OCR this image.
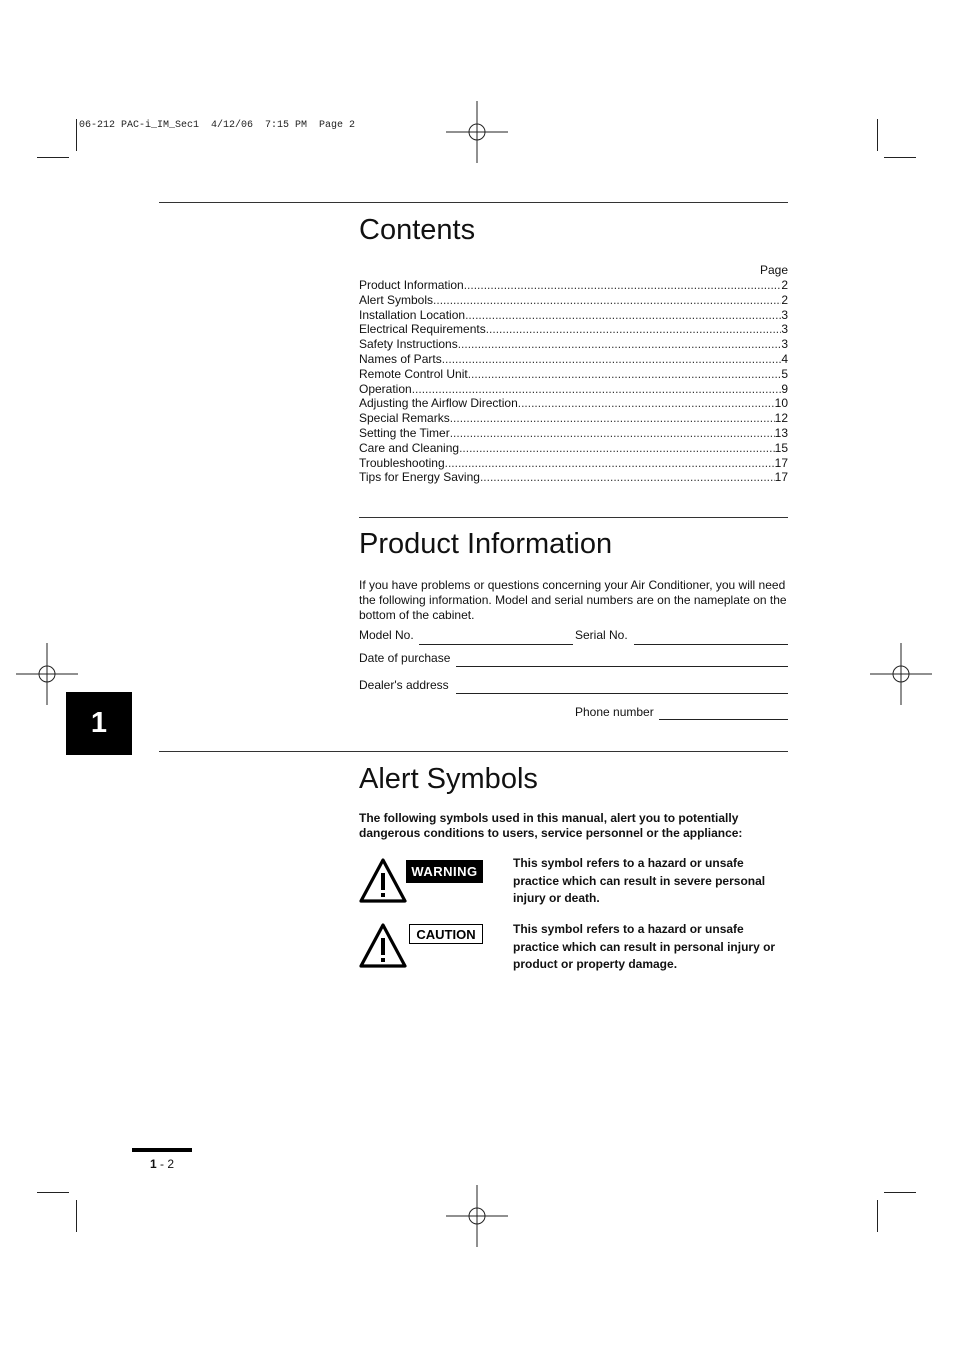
06-212 PAC-i_IM_Sec1  4/12/06  7:15 PM  Page 2
Contents
Page
Product Information .....	2
Alert Symbols .....	2
Installation Location .....	3
Electrical Requirements .....	3
Safety Instructions .....	3
Names of Parts .....	4
Remote Control Unit .....	5
Operation .....	9
Adjusting the Airflow Direction .....	10
Special Remarks .....	12
Setting the Timer .....	13
Care and Cleaning .....	15
Troubleshooting .....	17
Tips for Energy Saving .....	17
Product Information
If you have problems or questions concerning your Air Conditioner, you will need the following information. Model and serial numbers are on the nameplate on the bottom of the cabinet.
Model No.	Serial No.
Date of purchase
Dealer's address
Phone number
1
Alert Symbols
The following symbols used in this manual, alert you to potentially dangerous conditions to users, service personnel or the appliance:
WARNING
This symbol refers to a hazard or unsafe practice which can result in severe personal injury or death.
CAUTION	This symbol refers to a hazard or unsafe practice which can result in personal injury or product or property damage.
1 - 2
